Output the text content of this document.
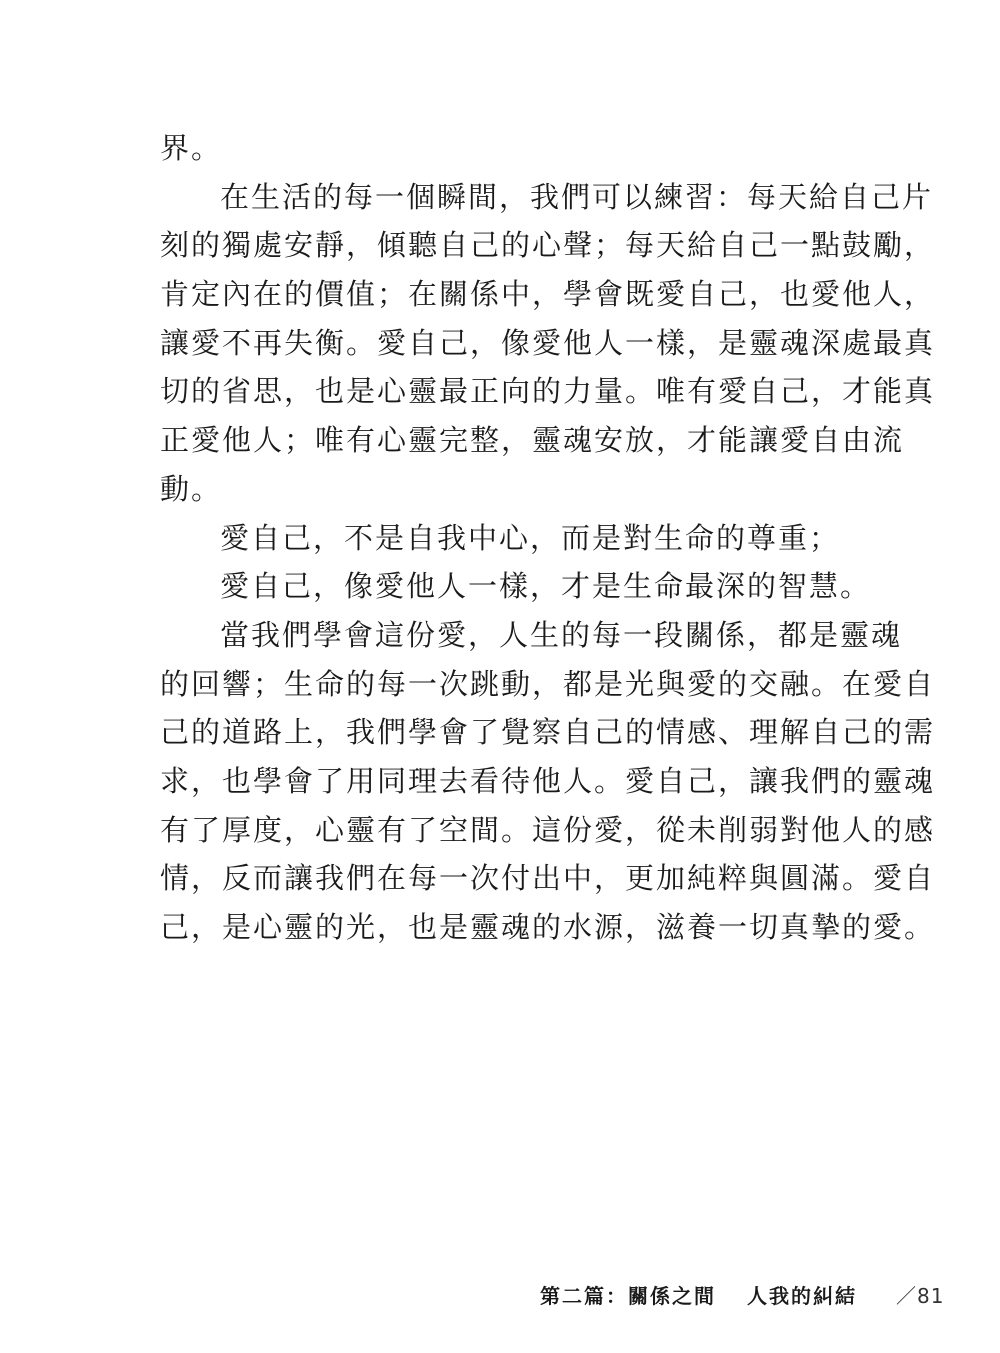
界。
在生活的每一個瞬間，我們可以練習：每天給自己片
刻的獨處安靜，傾聽自己的心聲；每天給自己一點鼓勵，
肯定內在的價值；在關係中，學會既愛自己，也愛他人，
讓愛不再失衡。愛自己，像愛他人一樣，是靈魂深處最真
切的省思，也是心靈最正向的力量。唯有愛自己，才能真
正愛他人；唯有心靈完整，靈魂安放，才能讓愛自由流
動。
愛自己，不是自我中心，而是對生命的尊重；
愛自己，像愛他人一樣，才是生命最深的智慧。
當我們學會這份愛，人生的每一段關係，都是靈魂
的回響；生命的每一次跳動，都是光與愛的交融。在愛自
己的道路上，我們學會了覺察自己的情感、理解自己的需
求，也學會了用同理去看待他人。愛自己，讓我們的靈魂
有了厚度，心靈有了空間。這份愛，從未削弱對他人的感
情，反而讓我們在每一次付出中，更加純粹與圓滿。愛自
己，是心靈的光，也是靈魂的水源，滋養一切真摯的愛。
第二篇：關係之間 人我的糾結 ／81
